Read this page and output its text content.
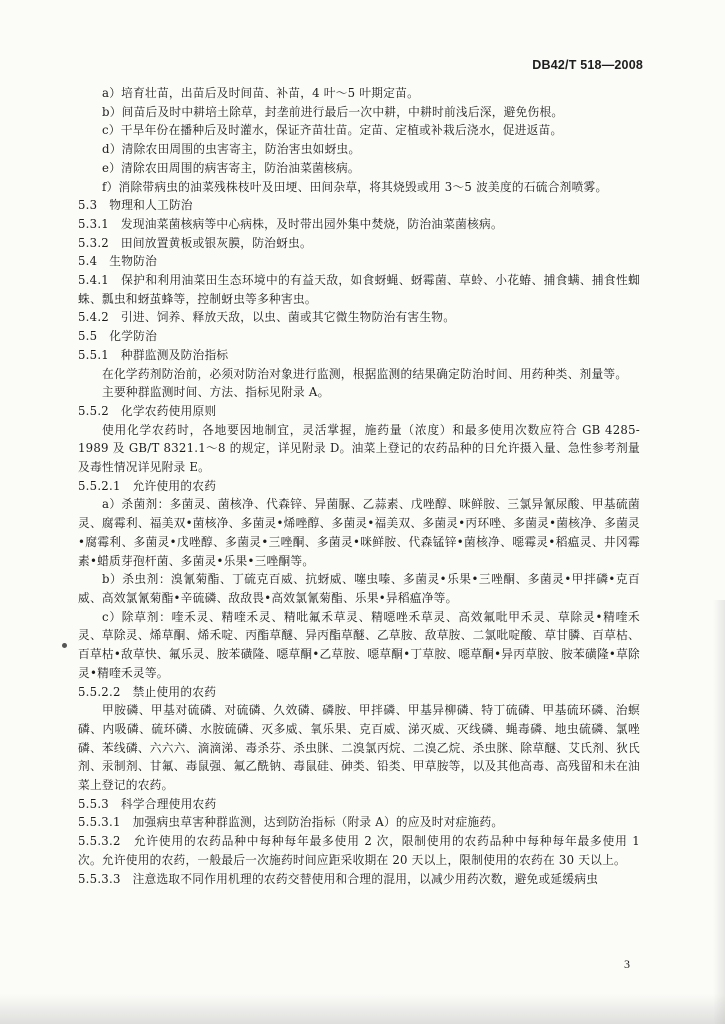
DB42/T 518—2008

a）培育壮苗，出苗后及时间苗、补苗，4 叶～5 叶期定苗。

b）间苗后及时中耕培土除草，封垄前进行最后一次中耕，中耕时前浅后深，避免伤根。

c）干旱年份在播种后及时灌水，保证齐苗壮苗。定苗、定植或补栽后浇水，促进返苗。

d）清除农田周围的虫害寄主，防治害虫如蚜虫。

e）清除农田周围的病害寄主，防治油菜菌核病。

f）消除带病虫的油菜残株枝叶及田埂、田间杂草，将其烧毁或用 3～5 波美度的石硫合剂喷雾。

5.3　物理和人工防治

5.3.1　发现油菜菌核病等中心病株，及时带出园外集中焚烧，防治油菜菌核病。

5.3.2　田间放置黄板或银灰膜，防治蚜虫。

5.4　生物防治

5.4.1　保护和利用油菜田生态环境中的有益天敌，如食蚜蝇、蚜霉菌、草蛉、小花蝽、捕食螨、捕食性蜘蛛、瓢虫和蚜茧蜂等，控制蚜虫等多种害虫。

5.4.2　引进、饲养、释放天敌，以虫、菌或其它微生物防治有害生物。

5.5　化学防治

5.5.1　种群监测及防治指标

在化学药剂防治前，必须对防治对象进行监测，根据监测的结果确定防治时间、用药种类、剂量等。

主要种群监测时间、方法、指标见附录 A。

5.5.2　化学农药使用原则

使用化学农药时，各地要因地制宜，灵活掌握，施药量（浓度）和最多使用次数应符合 GB 4285-1989 及 GB/T 8321.1～8 的规定，详见附录 D。油菜上登记的农药品种的日允许摄入量、急性参考剂量及毒性情况详见附录 E。

5.5.2.1　允许使用的农药

a）杀菌剂：多菌灵、菌核净、代森锌、异菌脲、乙蒜素、戊唑醇、咪鲜胺、三氯异氰尿酸、甲基硫菌灵、腐霉利、福美双•菌核净、多菌灵•烯唑醇、多菌灵•福美双、多菌灵•丙环唑、多菌灵•菌核净、多菌灵•腐霉利、多菌灵•戊唑醇、多菌灵•三唑酮、多菌灵•咪鲜胺、代森锰锌•菌核净、噁霉灵•稻瘟灵、井冈霉素•蜡质芽孢杆菌、多菌灵•乐果•三唑酮等。

b）杀虫剂：溴氰菊酯、丁硫克百威、抗蚜威、噻虫嗪、多菌灵•乐果•三唑酮、多菌灵•甲拌磷•克百威、高效氯氰菊酯•辛硫磷、敌敌畏•高效氯氰菊酯、乐果•异稻瘟净等。

c）除草剂：喹禾灵、精喹禾灵、精吡氟禾草灵、精噁唑禾草灵、高效氟吡甲禾灵、草除灵•精喹禾灵、草除灵、烯草酮、烯禾啶、丙酯草醚、异丙酯草醚、乙草胺、敌草胺、二氯吡啶酸、草甘膦、百草枯、百草枯•敌草快、氟乐灵、胺苯磺隆、噁草酮•乙草胺、噁草酮•丁草胺、噁草酮•异丙草胺、胺苯磺隆•草除灵•精喹禾灵等。

5.5.2.2　禁止使用的农药

甲胺磷、甲基对硫磷、对硫磷、久效磷、磷胺、甲拌磷、甲基异柳磷、特丁硫磷、甲基硫环磷、治螟磷、内吸磷、硫环磷、水胺硫磷、灭多威、氧乐果、克百威、涕灭威、灭线磷、蝇毒磷、地虫硫磷、氯唑磷、苯线磷、六六六、滴滴涕、毒杀芬、杀虫脒、二溴氯丙烷、二溴乙烷、杀虫脒、除草醚、艾氏剂、狄氏剂、汞制剂、甘氟、毒鼠强、氟乙酰钠、毒鼠硅、砷类、铅类、甲草胺等，以及其他高毒、高残留和未在油菜上登记的农药。

5.5.3　科学合理使用农药

5.5.3.1　加强病虫草害种群监测，达到防治指标（附录 A）的应及时对症施药。

5.5.3.2　允许使用的农药品种中每种每年最多使用 2 次，限制使用的农药品种中每种每年最多使用 1 次。允许使用的农药，一般最后一次施药时间应距采收期在 20 天以上，限制使用的农药在 30 天以上。

5.5.3.3　注意选取不同作用机理的农药交替使用和合理的混用，以减少用药次数，避免或延缓病虫

3
